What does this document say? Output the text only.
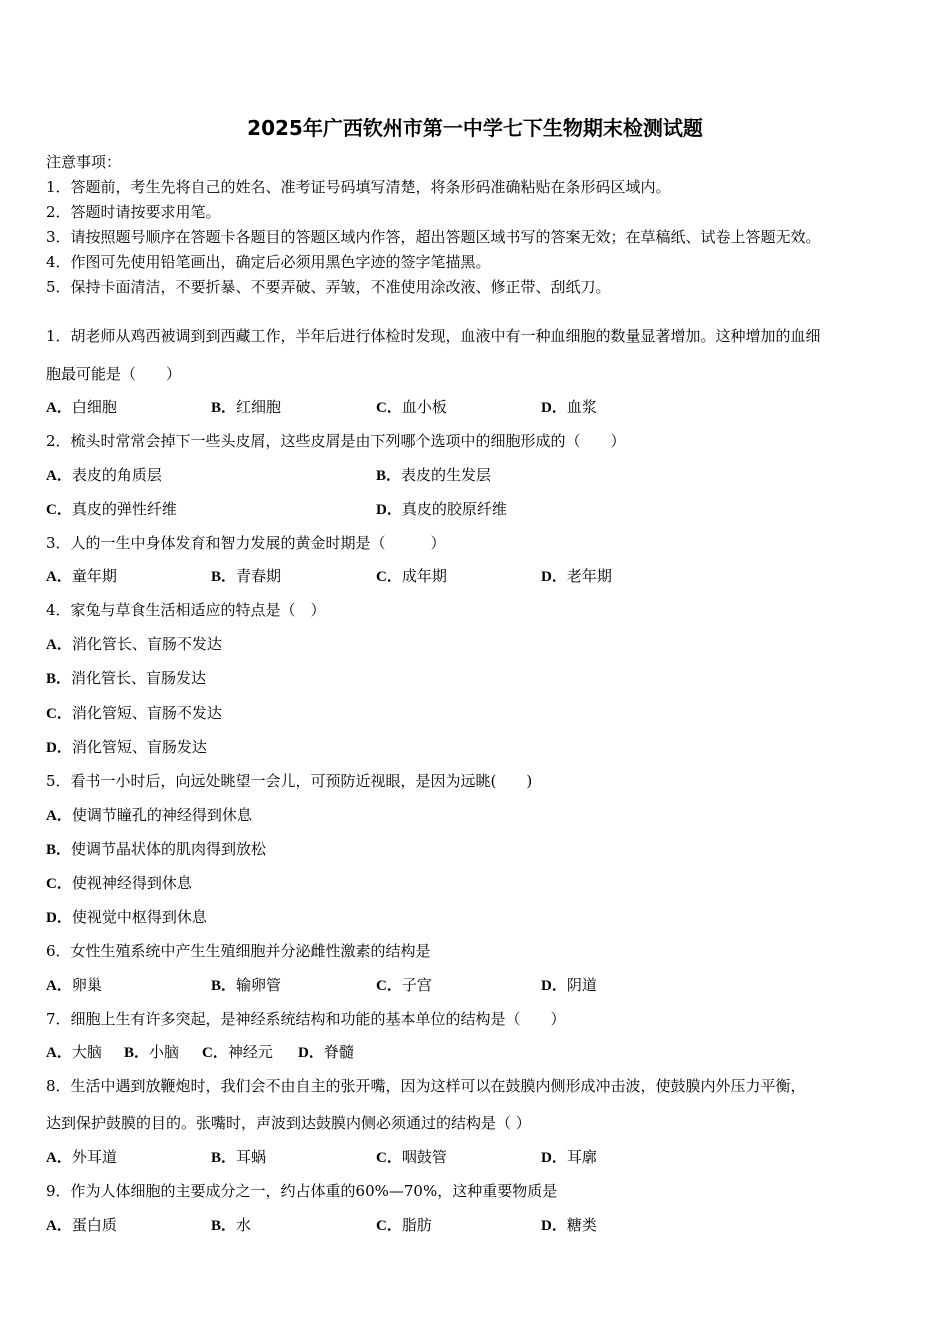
2025年广西钦州市第一中学七下生物期末检测试题
注意事项：
1．答题前，考生先将自己的姓名、准考证号码填写清楚，将条形码准确粘贴在条形码区域内。
2．答题时请按要求用笔。
3．请按照题号顺序在答题卡各题目的答题区域内作答，超出答题区域书写的答案无效；在草稿纸、试卷上答题无效。
4．作图可先使用铅笔画出，确定后必须用黑色字迹的签字笔描黑。
5．保持卡面清洁，不要折暴、不要弄破、弄皱，不准使用涂改液、修正带、刮纸刀。
1．胡老师从鸡西被调到到西藏工作，半年后进行体检时发现，血液中有一种血细胞的数量显著增加。这种增加的血细
胞最可能是（　　）
A．白细胞	B．红细胞	C．血小板	D．血浆
2．梳头时常常会掉下一些头皮屑，这些皮屑是由下列哪个选项中的细胞形成的（　　）
A．表皮的角质层	B．表皮的生发层
C．真皮的弹性纤维	D．真皮的胶原纤维
3．人的一生中身体发育和智力发展的黄金时期是（　　　）
A．童年期	B．青春期	C．成年期	D．老年期
4．家兔与草食生活相适应的特点是（　）
A．消化管长、盲肠不发达
B．消化管长、盲肠发达
C．消化管短、盲肠不发达
D．消化管短、盲肠发达
5．看书一小时后，向远处眺望一会儿，可预防近视眼，是因为远眺(　　)
A．使调节瞳孔的神经得到休息
B．使调节晶状体的肌肉得到放松
C．使视神经得到休息
D．使视觉中枢得到休息
6．女性生殖系统中产生生殖细胞并分泌雌性激素的结构是
A．卵巢	B．输卵管	C．子宫	D．阴道
7．细胞上生有许多突起，是神经系统结构和功能的基本单位的结构是（　　）
A．大脑 B．小脑 C．神经元 D．脊髓
8．生活中遇到放鞭炮时，我们会不由自主的张开嘴，因为这样可以在鼓膜内侧形成冲击波，使鼓膜内外压力平衡，
达到保护鼓膜的目的。张嘴时，声波到达鼓膜内侧必须通过的结构是（ ）
A．外耳道	B．耳蜗	C．咽鼓管	D．耳廓
9．作为人体细胞的主要成分之一，约占体重的60%—70%，这种重要物质是
A．蛋白质	B．水	C．脂肪	D．糖类
